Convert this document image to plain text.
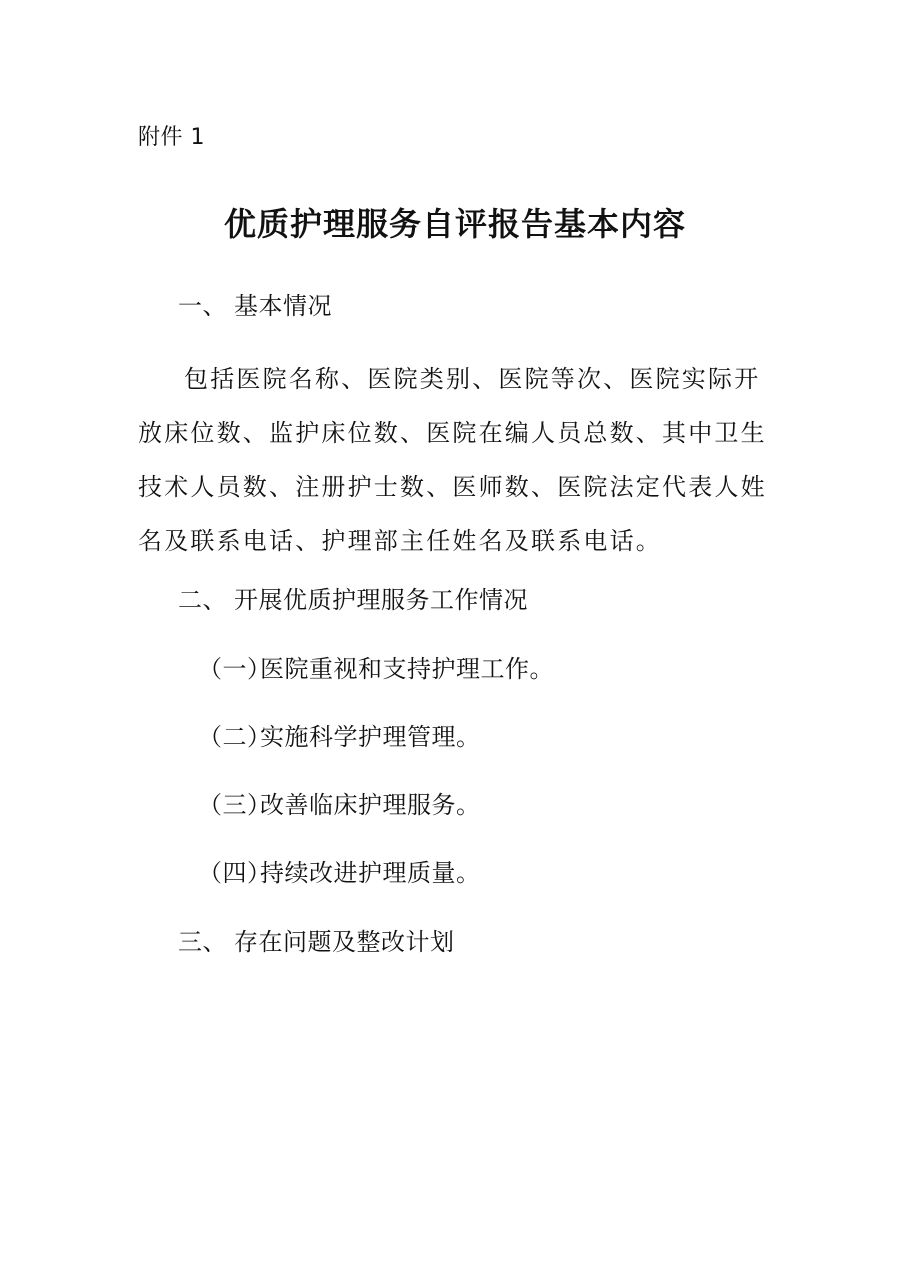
附件 1
优质护理服务自评报告基本内容
一、 基本情况
包括医院名称、医院类别、医院等次、医院实际开放床位数、监护床位数、医院在编人员总数、其中卫生技术人员数、注册护士数、医师数、医院法定代表人姓名及联系电话、护理部主任姓名及联系电话。
二、 开展优质护理服务工作情况
（一）医院重视和支持护理工作。
（二）实施科学护理管理。
（三）改善临床护理服务。
（四）持续改进护理质量。
三、 存在问题及整改计划
